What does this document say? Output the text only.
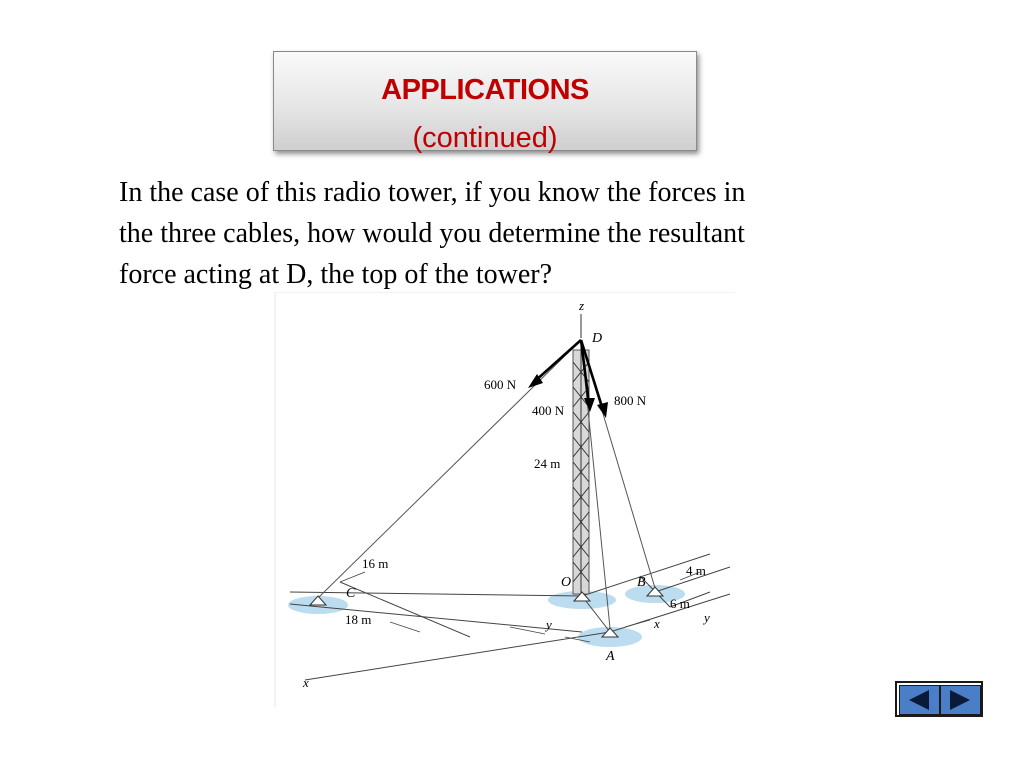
APPLICATIONS
(continued)
In the case of this radio tower, if you know the forces in
the three cables, how would you determine the resultant
force acting at D, the top of the tower?
z
D
600 N
400 N
800 N
24 m
16 m
C
18 m
O	B
4 m
6 m
y	x	y
A
x
